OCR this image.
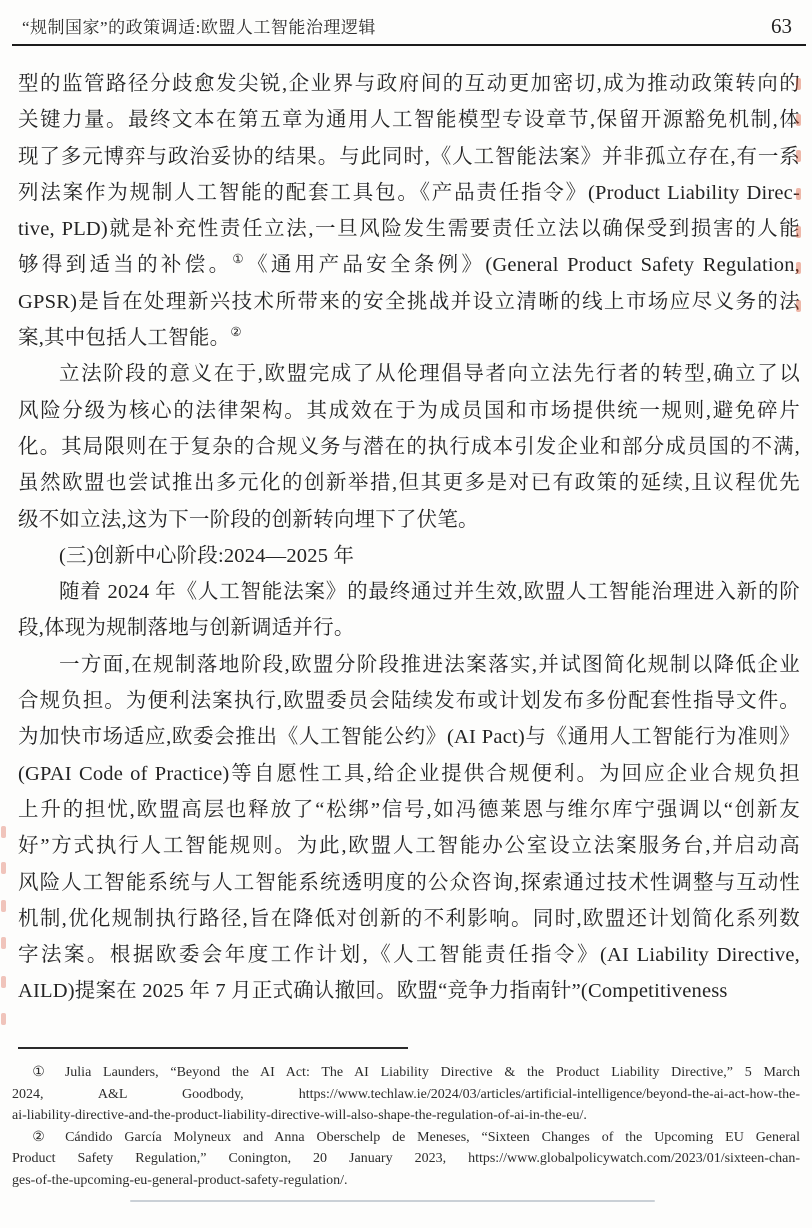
“规制国家”的政策调适:欧盟人工智能治理逻辑	63
型的监管路径分歧愈发尖锐,企业界与政府间的互动更加密切,成为推动政策转向的
关键力量。最终文本在第五章为通用人工智能模型专设章节,保留开源豁免机制,体
现了多元博弈与政治妥协的结果。与此同时,《人工智能法案》并非孤立存在,有一系
列法案作为规制人工智能的配套工具包。《产品责任指令》(Product Liability Direc-
tive, PLD)就是补充性责任立法,一旦风险发生需要责任立法以确保受到损害的人能
够得到适当的补偿。①《通用产品安全条例》(General Product Safety Regulation,
GPSR)是旨在处理新兴技术所带来的安全挑战并设立清晰的线上市场应尽义务的法
案,其中包括人工智能。②
立法阶段的意义在于,欧盟完成了从伦理倡导者向立法先行者的转型,确立了以
风险分级为核心的法律架构。其成效在于为成员国和市场提供统一规则,避免碎片
化。其局限则在于复杂的合规义务与潜在的执行成本引发企业和部分成员国的不满,
虽然欧盟也尝试推出多元化的创新举措,但其更多是对已有政策的延续,且议程优先
级不如立法,这为下一阶段的创新转向埋下了伏笔。
(三)创新中心阶段:2024—2025 年
随着 2024 年《人工智能法案》的最终通过并生效,欧盟人工智能治理进入新的阶
段,体现为规制落地与创新调适并行。
一方面,在规制落地阶段,欧盟分阶段推进法案落实,并试图简化规制以降低企业
合规负担。为便利法案执行,欧盟委员会陆续发布或计划发布多份配套性指导文件。
为加快市场适应,欧委会推出《人工智能公约》(AI Pact)与《通用人工智能行为准则》
(GPAI Code of Practice)等自愿性工具,给企业提供合规便利。为回应企业合规负担
上升的担忧,欧盟高层也释放了“松绑”信号,如冯德莱恩与维尔库宁强调以“创新友
好”方式执行人工智能规则。为此,欧盟人工智能办公室设立法案服务台,并启动高
风险人工智能系统与人工智能系统透明度的公众咨询,探索通过技术性调整与互动性
机制,优化规制执行路径,旨在降低对创新的不利影响。同时,欧盟还计划简化系列数
字法案。根据欧委会年度工作计划,《人工智能责任指令》(AI Liability Directive,
AILD)提案在 2025 年 7 月正式确认撤回。欧盟“竞争力指南针”(Competitiveness
① Julia Launders, “Beyond the AI Act: The AI Liability Directive & the Product Liability Directive,” 5 March
2024, A&L Goodbody, https://www.techlaw.ie/2024/03/articles/artificial-intelligence/beyond-the-ai-act-how-the-
ai-liability-directive-and-the-product-liability-directive-will-also-shape-the-regulation-of-ai-in-the-eu/.
② Cándido García Molyneux and Anna Oberschelp de Meneses, “Sixteen Changes of the Upcoming EU General
Product Safety Regulation,” Conington, 20 January 2023, https://www.globalpolicywatch.com/2023/01/sixteen-chan-
ges-of-the-upcoming-eu-general-product-safety-regulation/.
